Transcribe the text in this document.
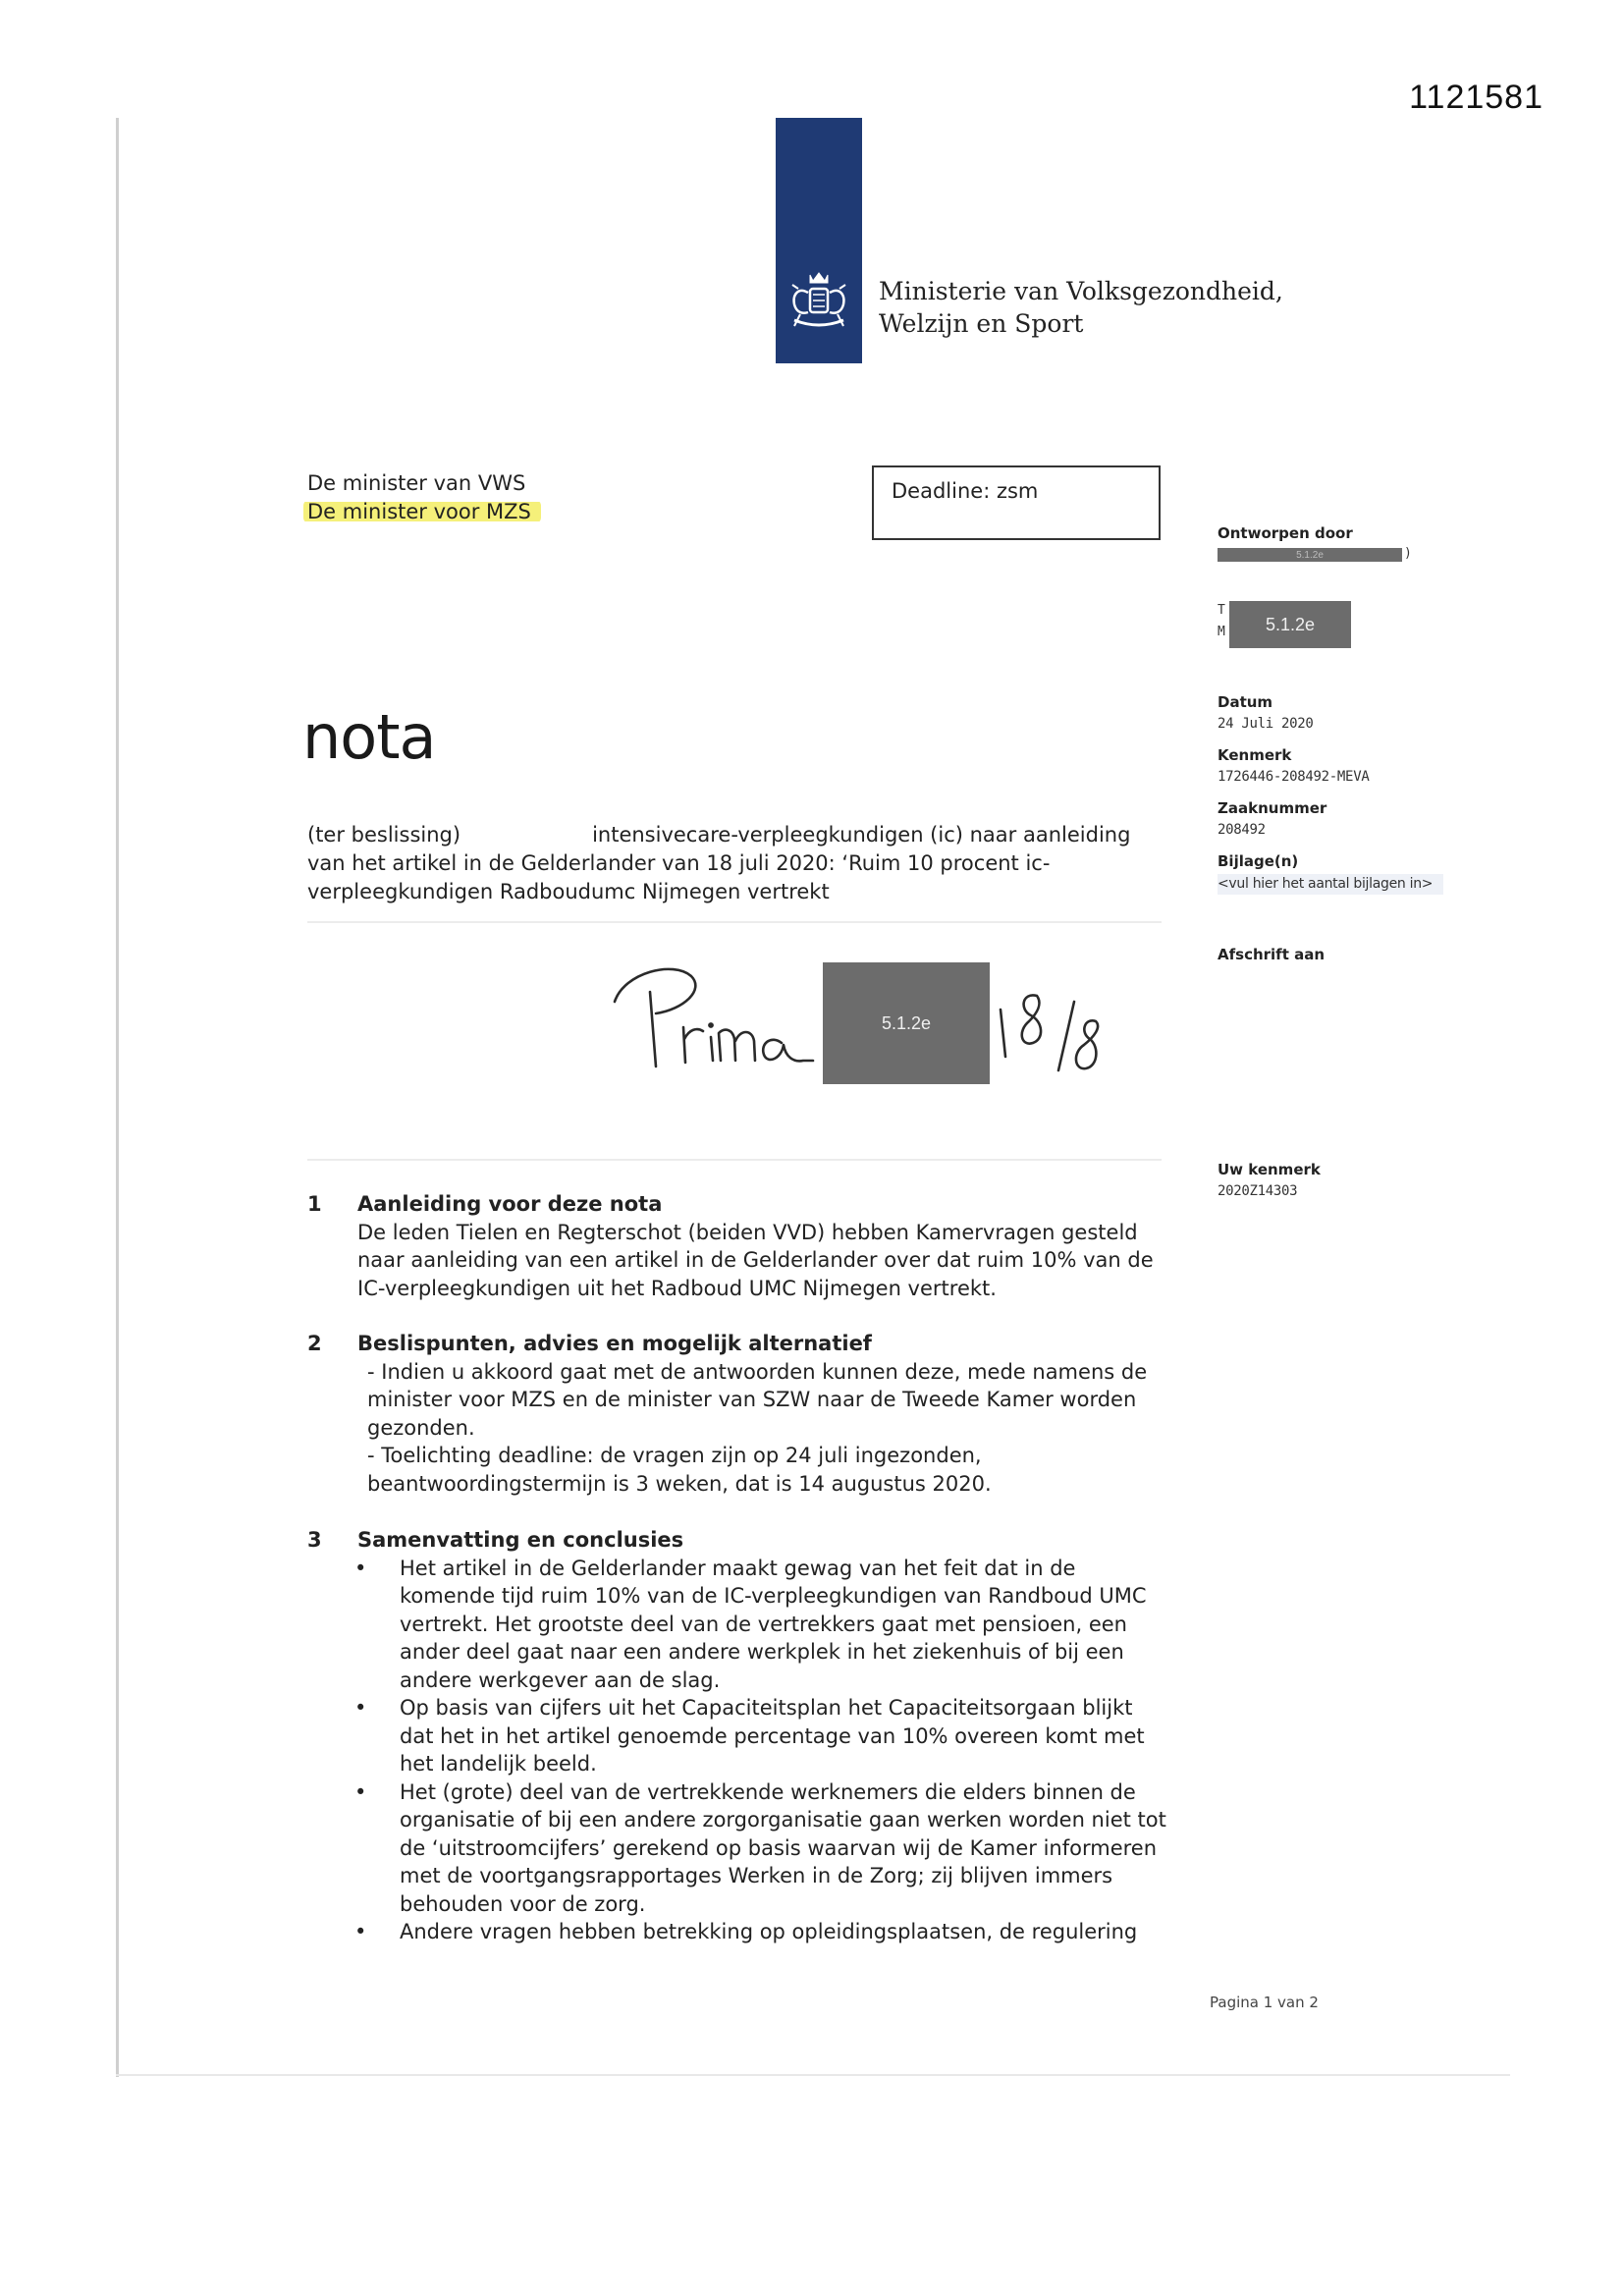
1121581
Ministerie van Volksgezondheid,
Welzijn en Sport
De minister van VWS
De minister voor MZS
Deadline: zsm
Ontworpen door
5.1.2e	)
T
M	5.1.2e
Datum
24 Juli 2020
Kenmerk
1726446-208492-MEVA
Zaaknummer
208492
Bijlage(n)
<vul hier het aantal bijlagen in>
Afschrift aan
Uw kenmerk
2020Z14303
nota
(ter beslissing)	intensivecare-verpleegkundigen (ic) naar aanleiding
van het artikel in de Gelderlander van 18 juli 2020: ‘Ruim 10 procent ic-
verpleegkundigen Radboudumc Nijmegen vertrekt
5.1.2e
1 Aanleiding voor deze nota
De leden Tielen en Regterschot (beiden VVD) hebben Kamervragen gesteld
naar aanleiding van een artikel in de Gelderlander over dat ruim 10% van de
IC-verpleegkundigen uit het Radboud UMC Nijmegen vertrekt.
2 Beslispunten, advies en mogelijk alternatief
- Indien u akkoord gaat met de antwoorden kunnen deze, mede namens de
minister voor MZS en de minister van SZW naar de Tweede Kamer worden
gezonden.
- Toelichting deadline: de vragen zijn op 24 juli ingezonden,
beantwoordingstermijn is 3 weken, dat is 14 augustus 2020.
3 Samenvatting en conclusies
• Het artikel in de Gelderlander maakt gewag van het feit dat in de
komende tijd ruim 10% van de IC-verpleegkundigen van Randboud UMC
vertrekt. Het grootste deel van de vertrekkers gaat met pensioen, een
ander deel gaat naar een andere werkplek in het ziekenhuis of bij een
andere werkgever aan de slag.
• Op basis van cijfers uit het Capaciteitsplan het Capaciteitsorgaan blijkt
dat het in het artikel genoemde percentage van 10% overeen komt met
het landelijk beeld.
• Het (grote) deel van de vertrekkende werknemers die elders binnen de
organisatie of bij een andere zorgorganisatie gaan werken worden niet tot
de ‘uitstroomcijfers’ gerekend op basis waarvan wij de Kamer informeren
met de voortgangsrapportages Werken in de Zorg; zij blijven immers
behouden voor de zorg.
• Andere vragen hebben betrekking op opleidingsplaatsen, de regulering
Pagina 1 van 2
